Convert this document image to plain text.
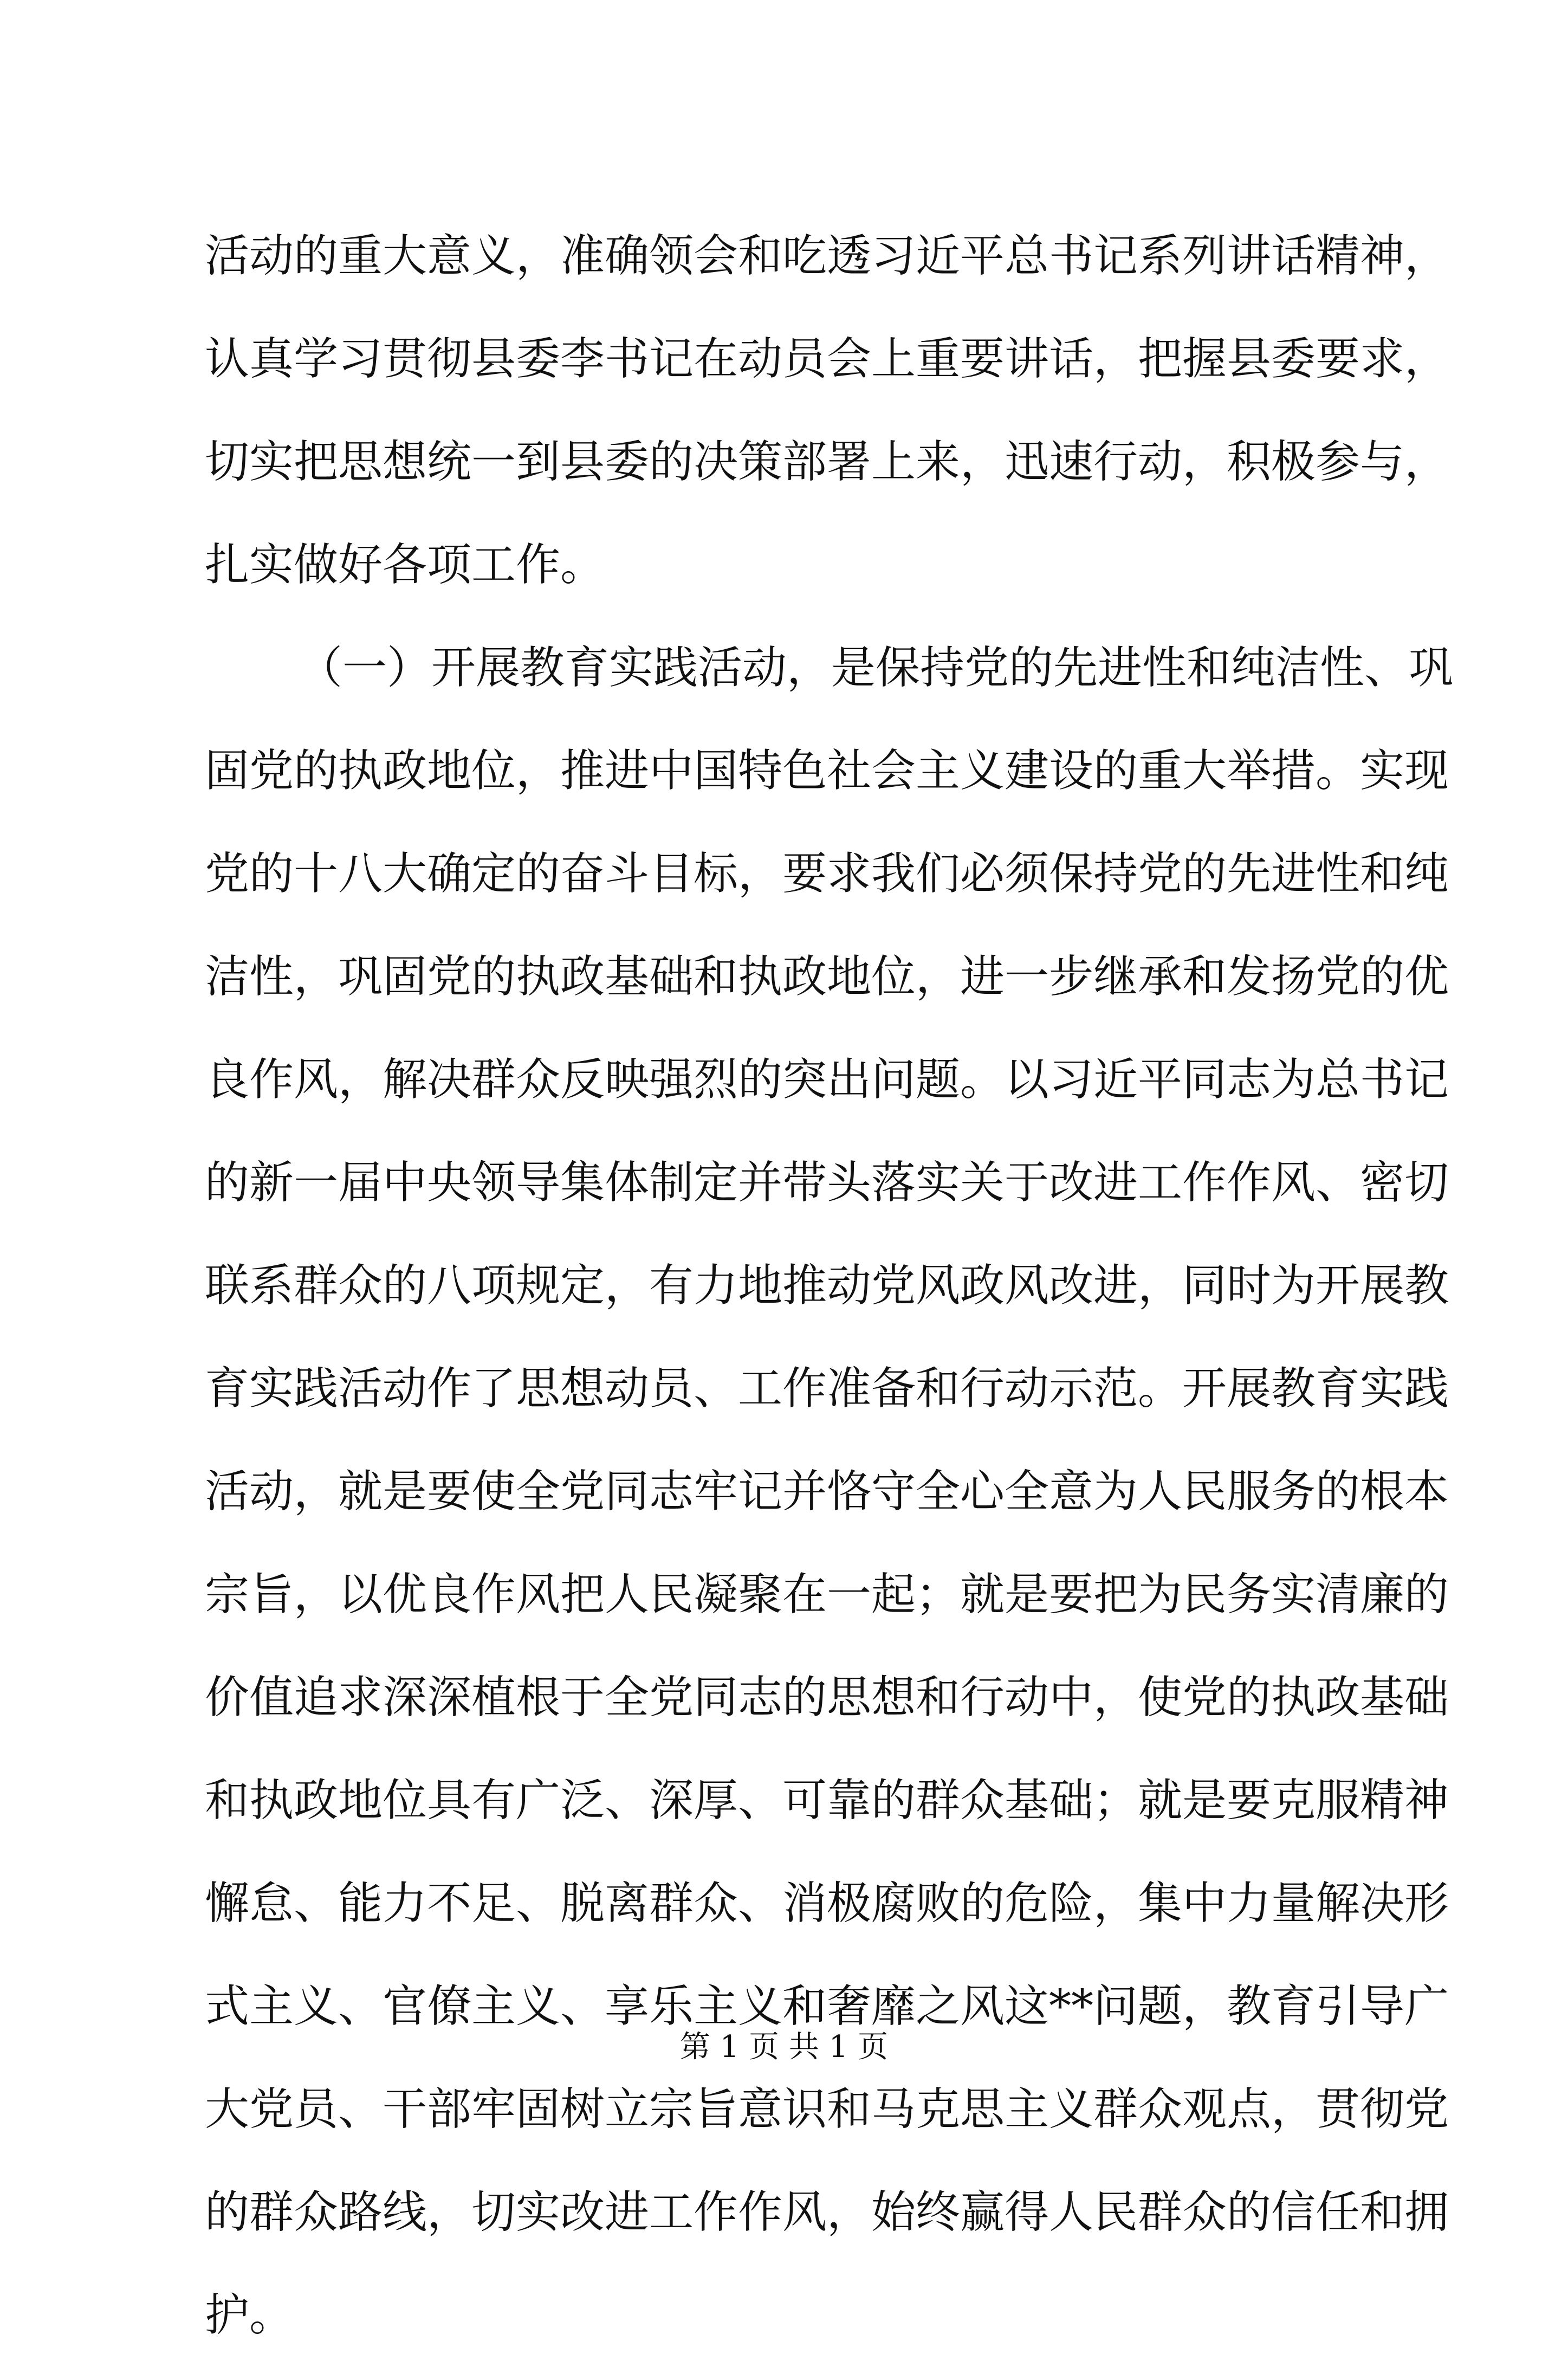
活动的重大意义，准确领会和吃透习近平总书记系列讲话精神，
认真学习贯彻县委李书记在动员会上重要讲话，把握县委要求，
切实把思想统一到县委的决策部署上来，迅速行动，积极参与，
扎实做好各项工作。
（一）开展教育实践活动，是保持党的先进性和纯洁性、巩
固党的执政地位，推进中国特色社会主义建设的重大举措。实现
党的十八大确定的奋斗目标，要求我们必须保持党的先进性和纯
洁性，巩固党的执政基础和执政地位，进一步继承和发扬党的优
良作风，解决群众反映强烈的突出问题。以习近平同志为总书记
的新一届中央领导集体制定并带头落实关于改进工作作风、密切
联系群众的八项规定，有力地推动党风政风改进，同时为开展教
育实践活动作了思想动员、工作准备和行动示范。开展教育实践
活动，就是要使全党同志牢记并恪守全心全意为人民服务的根本
宗旨，以优良作风把人民凝聚在一起；就是要把为民务实清廉的
价值追求深深植根于全党同志的思想和行动中，使党的执政基础
和执政地位具有广泛、深厚、可靠的群众基础；就是要克服精神
懈怠、能力不足、脱离群众、消极腐败的危险，集中力量解决形
式主义、官僚主义、享乐主义和奢靡之风这**问题，教育引导广
大党员、干部牢固树立宗旨意识和马克思主义群众观点，贯彻党
的群众路线，切实改进工作作风，始终赢得人民群众的信任和拥
护。
第 1 页 共 1 页
